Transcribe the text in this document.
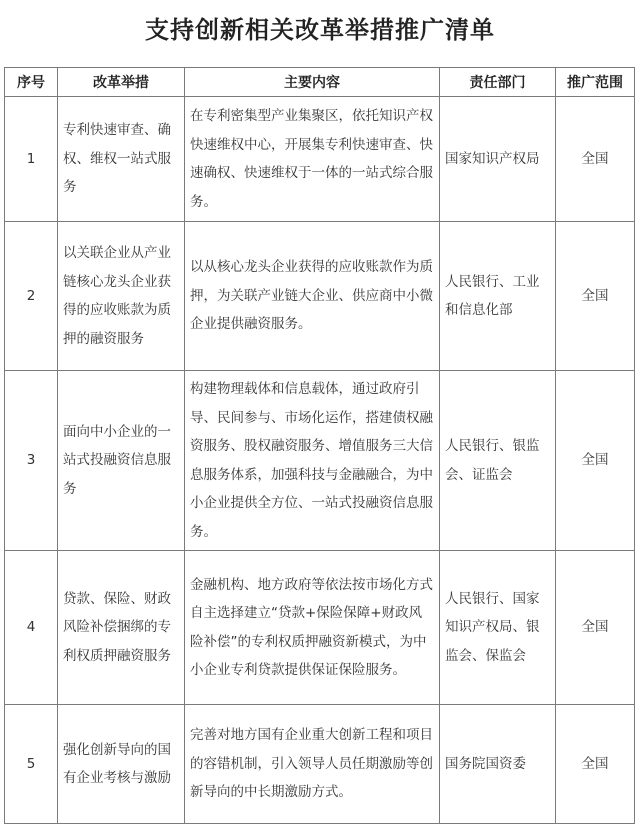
支持创新相关改革举措推广清单
序号	改革举措	主要内容	责任部门	推广范围
1	专利快速审查、确权、维权一站式服务	在专利密集型产业集聚区，依托知识产权快速维权中心，开展集专利快速审查、快速确权、快速维权于一体的一站式综合服务。	国家知识产权局	全国
2	以关联企业从产业链核心龙头企业获得的应收账款为质押的融资服务	以从核心龙头企业获得的应收账款作为质押，为关联产业链大企业、供应商中小微企业提供融资服务。	人民银行、工业和信息化部	全国
3	面向中小企业的一站式投融资信息服务	构建物理载体和信息载体，通过政府引导、民间参与、市场化运作，搭建债权融资服务、股权融资服务、增值服务三大信息服务体系，加强科技与金融融合，为中小企业提供全方位、一站式投融资信息服务。	人民银行、银监会、证监会	全国
4	贷款、保险、财政风险补偿捆绑的专利权质押融资服务	金融机构、地方政府等依法按市场化方式自主选择建立“贷款+保险保障+财政风险补偿”的专利权质押融资新模式，为中小企业专利贷款提供保证保险服务。	人民银行、国家知识产权局、银监会、保监会	全国
5	强化创新导向的国有企业考核与激励	完善对地方国有企业重大创新工程和项目的容错机制，引入领导人员任期激励等创新导向的中长期激励方式。	国务院国资委	全国
